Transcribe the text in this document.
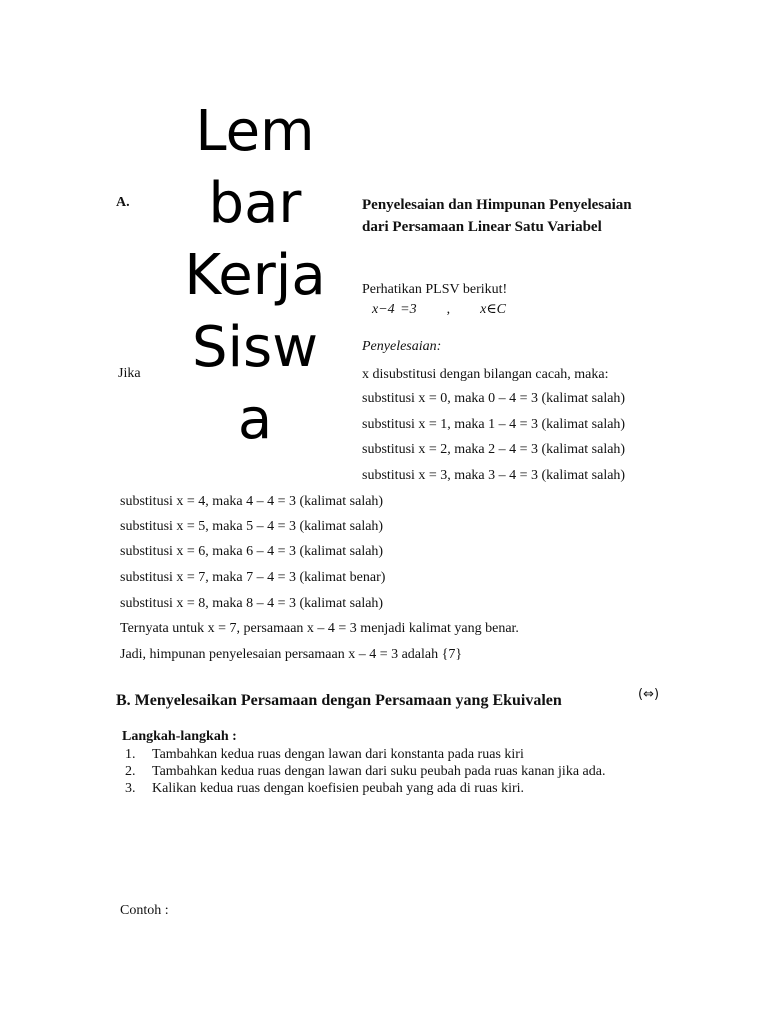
A.
Lem
bar
Kerja
Sisw
a
Penyelesaian dan Himpunan Penyelesaian dari Persamaan Linear Satu Variabel
Perhatikan PLSV berikut!
x−4 =3 , x∈C
Penyelesaian:
Jika	x disubstitusi dengan bilangan cacah, maka:
substitusi x = 0, maka 0 – 4 = 3 (kalimat salah)
substitusi x = 1, maka 1 – 4 = 3 (kalimat salah)
substitusi x = 2, maka 2 – 4 = 3 (kalimat salah)
substitusi x = 3, maka 3 – 4 = 3 (kalimat salah)
substitusi x = 4, maka 4 – 4 = 3 (kalimat salah)
substitusi x = 5, maka 5 – 4 = 3 (kalimat salah)
substitusi x = 6, maka 6 – 4 = 3 (kalimat salah)
substitusi x = 7, maka 7 – 4 = 3 (kalimat benar)
substitusi x = 8, maka 8 – 4 = 3 (kalimat salah)
Ternyata untuk x = 7, persamaan x – 4 = 3 menjadi kalimat yang benar.
Jadi, himpunan penyelesaian persamaan x – 4 = 3 adalah {7}
B. Menyelesaikan Persamaan dengan Persamaan yang Ekuivalen	(⇔)
Langkah-langkah :
1. Tambahkan kedua ruas dengan lawan dari konstanta pada ruas kiri
2. Tambahkan kedua ruas dengan lawan dari suku peubah pada ruas kanan jika ada.
3. Kalikan kedua ruas dengan koefisien peubah yang ada di ruas kiri.
Contoh :
